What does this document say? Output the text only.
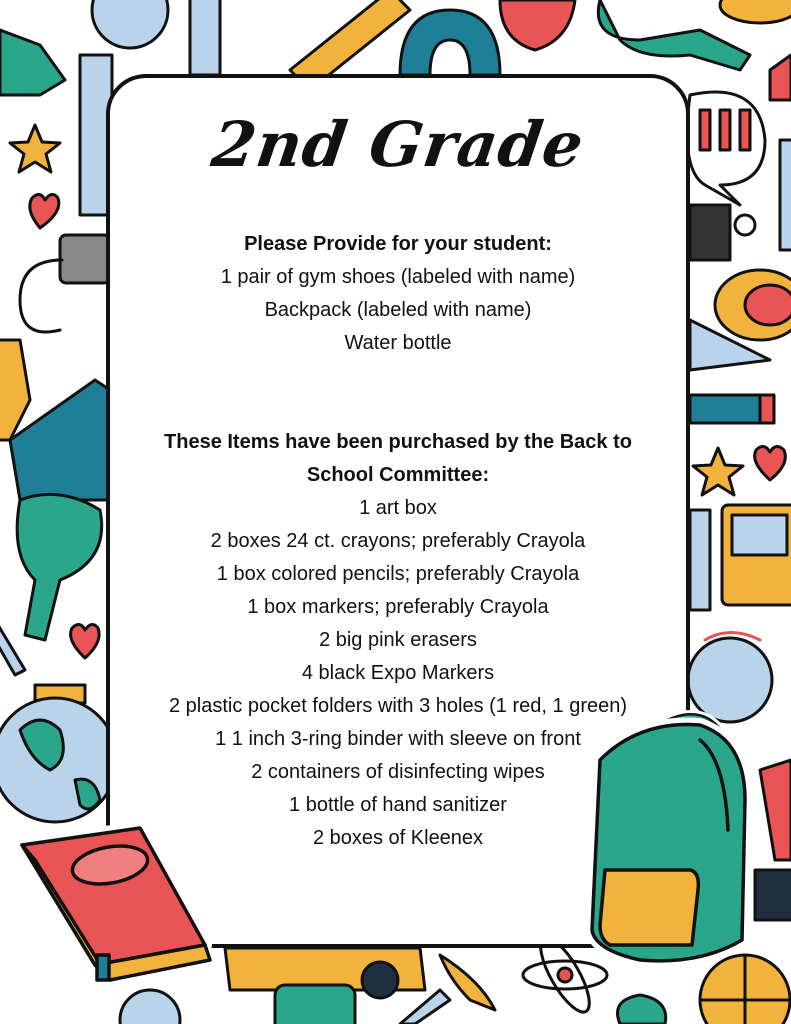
2nd Grade
Please Provide for your student:
1 pair of gym shoes (labeled with name)
Backpack (labeled with name)
Water bottle
These Items have been purchased by the Back to
School Committee:
1 art box
2 boxes 24 ct. crayons; preferably Crayola
1 box colored pencils; preferably Crayola
1 box markers; preferably Crayola
2 big pink erasers
4 black Expo Markers
2 plastic pocket folders with 3 holes (1 red, 1 green)
1 1 inch 3-ring binder with sleeve on front
2 containers of disinfecting wipes
1 bottle of hand sanitizer
2 boxes of Kleenex
